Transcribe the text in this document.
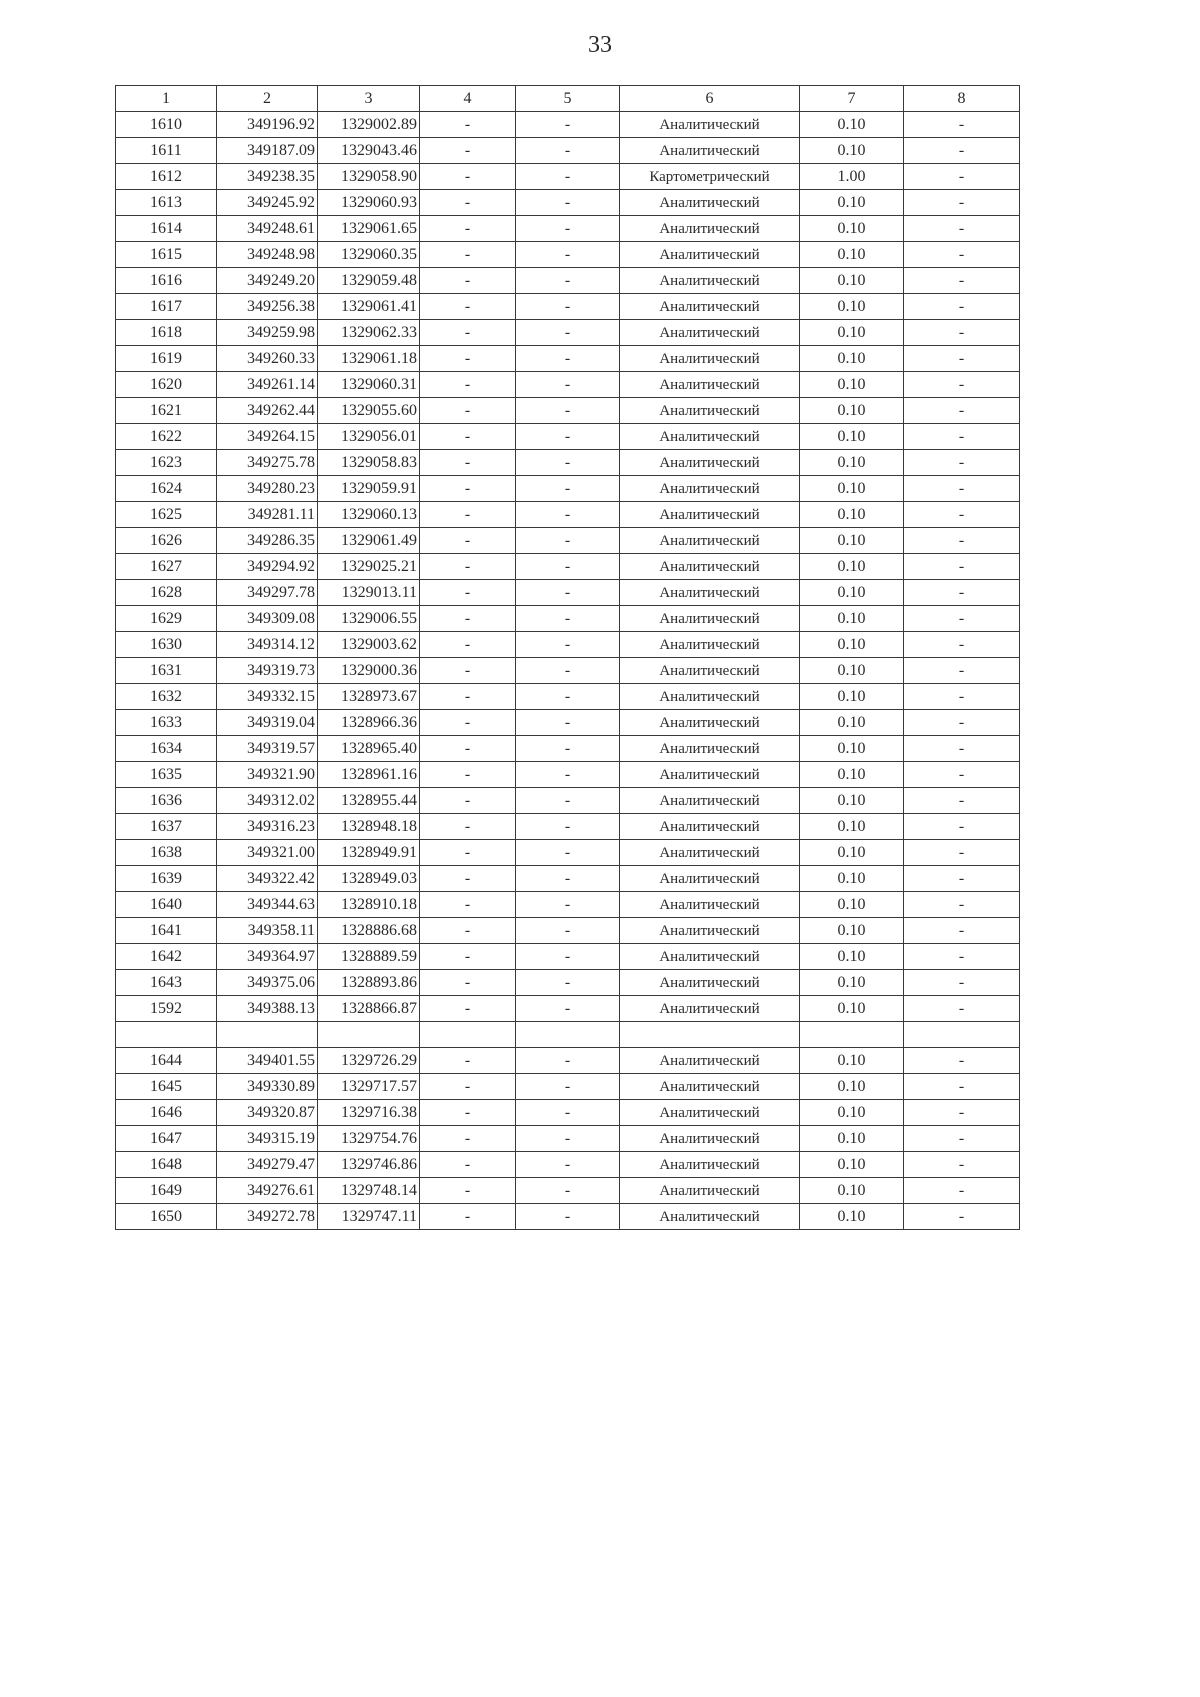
33
1	2	3	4	5	6	7	8
1610	349196.92	1329002.89	-	-	Аналитический	0.10	-
1611	349187.09	1329043.46	-	-	Аналитический	0.10	-
1612	349238.35	1329058.90	-	-	Картометрический	1.00	-
1613	349245.92	1329060.93	-	-	Аналитический	0.10	-
1614	349248.61	1329061.65	-	-	Аналитический	0.10	-
1615	349248.98	1329060.35	-	-	Аналитический	0.10	-
1616	349249.20	1329059.48	-	-	Аналитический	0.10	-
1617	349256.38	1329061.41	-	-	Аналитический	0.10	-
1618	349259.98	1329062.33	-	-	Аналитический	0.10	-
1619	349260.33	1329061.18	-	-	Аналитический	0.10	-
1620	349261.14	1329060.31	-	-	Аналитический	0.10	-
1621	349262.44	1329055.60	-	-	Аналитический	0.10	-
1622	349264.15	1329056.01	-	-	Аналитический	0.10	-
1623	349275.78	1329058.83	-	-	Аналитический	0.10	-
1624	349280.23	1329059.91	-	-	Аналитический	0.10	-
1625	349281.11	1329060.13	-	-	Аналитический	0.10	-
1626	349286.35	1329061.49	-	-	Аналитический	0.10	-
1627	349294.92	1329025.21	-	-	Аналитический	0.10	-
1628	349297.78	1329013.11	-	-	Аналитический	0.10	-
1629	349309.08	1329006.55	-	-	Аналитический	0.10	-
1630	349314.12	1329003.62	-	-	Аналитический	0.10	-
1631	349319.73	1329000.36	-	-	Аналитический	0.10	-
1632	349332.15	1328973.67	-	-	Аналитический	0.10	-
1633	349319.04	1328966.36	-	-	Аналитический	0.10	-
1634	349319.57	1328965.40	-	-	Аналитический	0.10	-
1635	349321.90	1328961.16	-	-	Аналитический	0.10	-
1636	349312.02	1328955.44	-	-	Аналитический	0.10	-
1637	349316.23	1328948.18	-	-	Аналитический	0.10	-
1638	349321.00	1328949.91	-	-	Аналитический	0.10	-
1639	349322.42	1328949.03	-	-	Аналитический	0.10	-
1640	349344.63	1328910.18	-	-	Аналитический	0.10	-
1641	349358.11	1328886.68	-	-	Аналитический	0.10	-
1642	349364.97	1328889.59	-	-	Аналитический	0.10	-
1643	349375.06	1328893.86	-	-	Аналитический	0.10	-
1592	349388.13	1328866.87	-	-	Аналитический	0.10	-

1644	349401.55	1329726.29	-	-	Аналитический	0.10	-
1645	349330.89	1329717.57	-	-	Аналитический	0.10	-
1646	349320.87	1329716.38	-	-	Аналитический	0.10	-
1647	349315.19	1329754.76	-	-	Аналитический	0.10	-
1648	349279.47	1329746.86	-	-	Аналитический	0.10	-
1649	349276.61	1329748.14	-	-	Аналитический	0.10	-
1650	349272.78	1329747.11	-	-	Аналитический	0.10	-
